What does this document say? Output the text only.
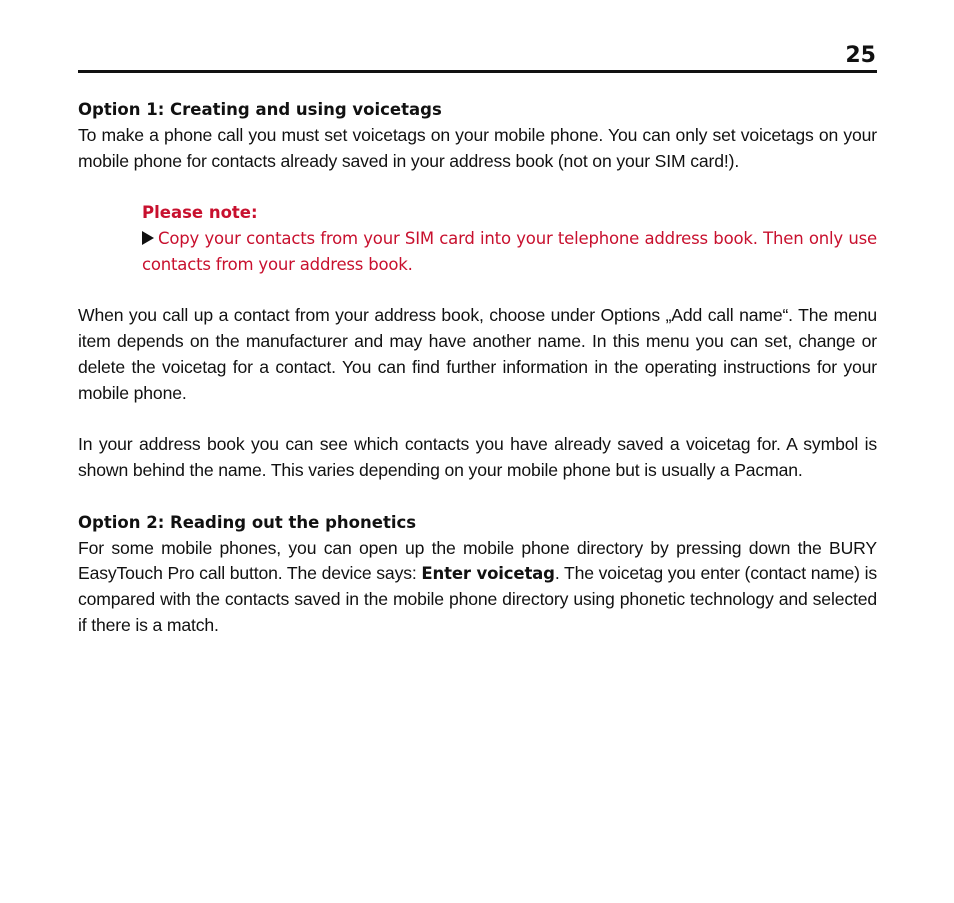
25

Option 1: Creating and using voicetags

To make a phone call you must set voicetags on your mobile phone. You can only set voicetags on your mobile phone for contacts already saved in your address book (not on your SIM card!).

Please note:

Copy your contacts from your SIM card into your telephone address book. Then only use contacts from your address book.

When you call up a contact from your address book, choose under Options „Add call name“. The menu item depends on the manufacturer and may have another name. In this menu you can set, change or delete the voicetag for a contact. You can find further information in the operating instructions for your mobile phone.

In your address book you can see which contacts you have already saved a voicetag for. A symbol is shown behind the name. This varies depending on your mobile phone but is usually a Pacman.

Option 2: Reading out the phonetics

For some mobile phones, you can open up the mobile phone directory by pressing down the BURY EasyTouch Pro call button. The device says: Enter voicetag. The voicetag you enter (contact name) is compared with the contacts saved in the mobile phone directory using phonetic technology and selected if there is a match.
